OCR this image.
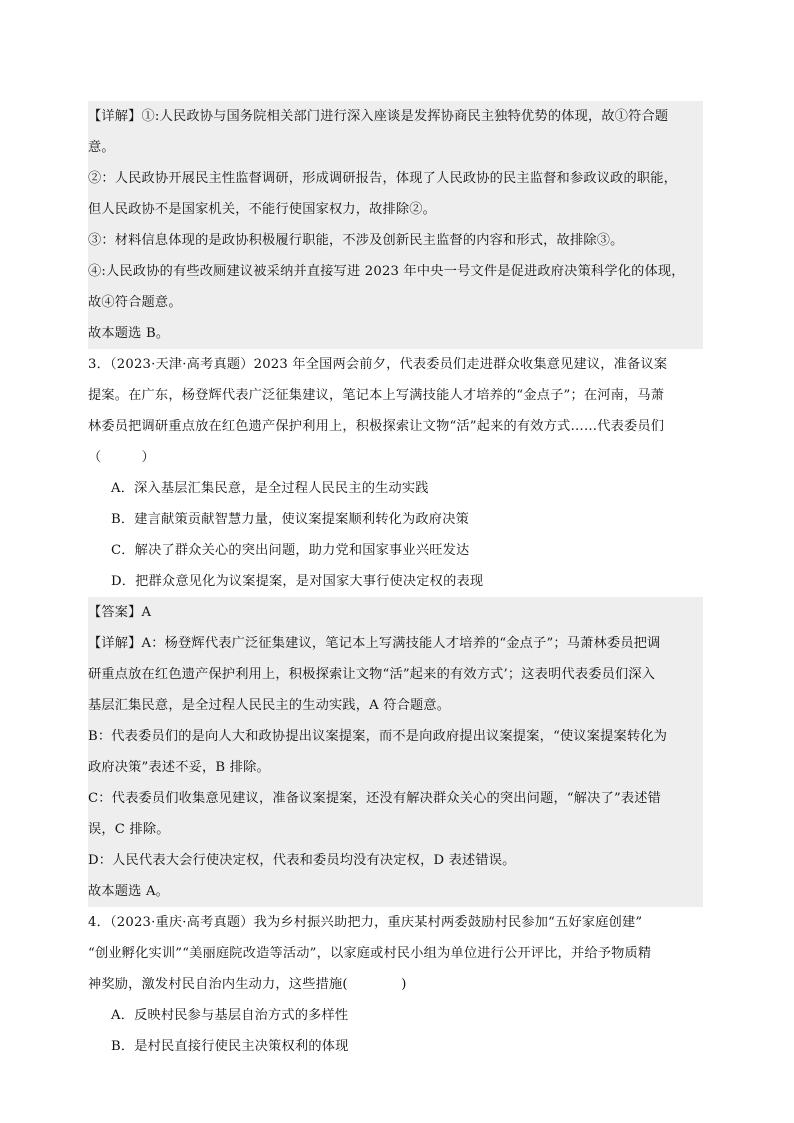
【详解】①:人民政协与国务院相关部门进行深入座谈是发挥协商民主独特优势的体现，故①符合题
意。
②：人民政协开展民主性监督调研，形成调研报告，体现了人民政协的民主监督和参政议政的职能，
但人民政协不是国家机关，不能行使国家权力，故排除②。
③：材料信息体现的是政协积极履行职能，不涉及创新民主监督的内容和形式，故排除③。
④:人民政协的有些改厕建议被采纳并直接写进 2023 年中央一号文件是促进政府决策科学化的体现，
故④符合题意。
故本题选 B。
3．（2023·天津·高考真题）2023 年全国两会前夕，代表委员们走进群众收集意见建议，准备议案
提案。在广东，杨登辉代表广泛征集建议，笔记本上写满技能人才培养的“金点子”；在河南，马萧
林委员把调研重点放在红色遗产保护利用上，积极探索让文物“活”起来的有效方式……代表委员们
（　　　）
A．深入基层汇集民意，是全过程人民民主的生动实践
B．建言献策贡献智慧力量，使议案提案顺利转化为政府决策
C．解决了群众关心的突出问题，助力党和国家事业兴旺发达
D．把群众意见化为议案提案，是对国家大事行使决定权的表现
【答案】A
【详解】A：杨登辉代表广泛征集建议，笔记本上写满技能人才培养的“金点子”；马萧林委员把调
研重点放在红色遗产保护利用上，积极探索让文物“活”起来的有效方式’；这表明代表委员们深入
基层汇集民意，是全过程人民民主的生动实践，A 符合题意。
B：代表委员们的是向人大和政协提出议案提案，而不是向政府提出议案提案，“使议案提案转化为
政府决策”表述不妥，B 排除。
C：代表委员们收集意见建议，准备议案提案，还没有解决群众关心的突出问题，“解决了”表述错
误，C 排除。
D：人民代表大会行使决定权，代表和委员均没有决定权，D 表述错误。
故本题选 A。
4．（2023·重庆·高考真题）我为乡村振兴助把力，重庆某村两委鼓励村民参加“五好家庭创建”
“创业孵化实训”“美丽庭院改造等活动”，以家庭或村民小组为单位进行公开评比，并给予物质精
神奖励，激发村民自治内生动力，这些措施(　　　　)
A．反映村民参与基层自治方式的多样性
B．是村民直接行使民主决策权利的体现
